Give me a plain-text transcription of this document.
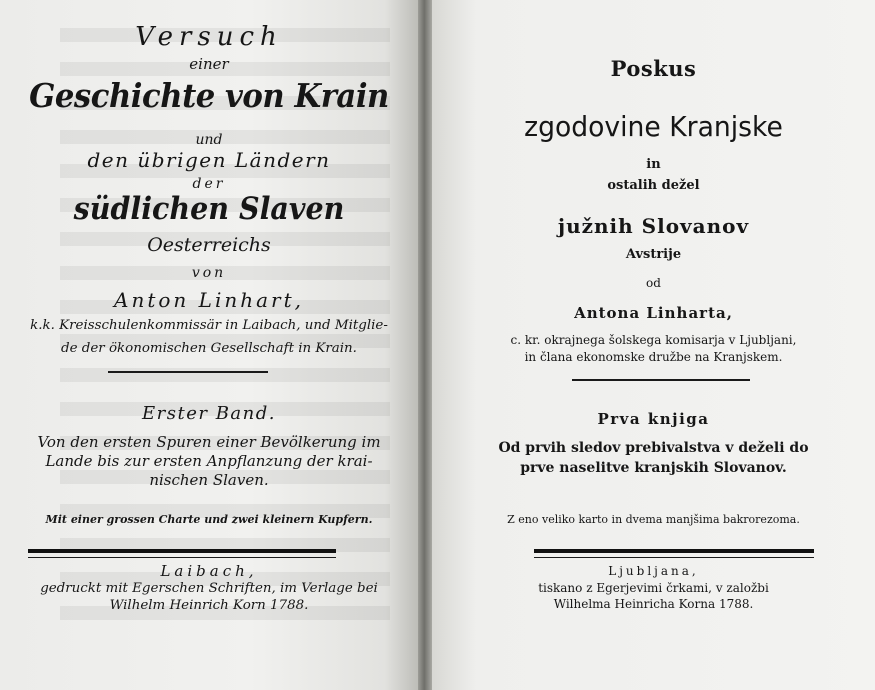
Versuch
einer
Geschichte von Krain
und
den übrigen Ländern
der
südlichen Slaven
Oesterreichs
von
Anton Linhart,
k.k. Kreisschulenkommissär in Laibach, und Mitglie-
de der ökonomischen Gesellschaft in Krain.
Erster Band.
Von den ersten Spuren einer Bevölkerung im
Lande bis zur ersten Anpflanzung der krai-
nischen Slaven.
Mit einer grossen Charte und zwei kleinern Kupfern.
Laibach,
gedruckt mit Egerschen Schriften, im Verlage bei
Wilhelm Heinrich Korn 1788.
Poskus
zgodovine Kranjske
in
ostalih dežel
južnih Slovanov
Avstrije
od
Antona Linharta,
c. kr. okrajnega šolskega komisarja v Ljubljani,
in člana ekonomske družbe na Kranjskem.
Prva knjiga
Od prvih sledov prebivalstva v deželi do
prve naselitve kranjskih Slovanov.
Z eno veliko karto in dvema manjšima bakrorezoma.
Ljubljana,
tiskano z Egerjevimi črkami, v založbi
Wilhelma Heinricha Korna 1788.
